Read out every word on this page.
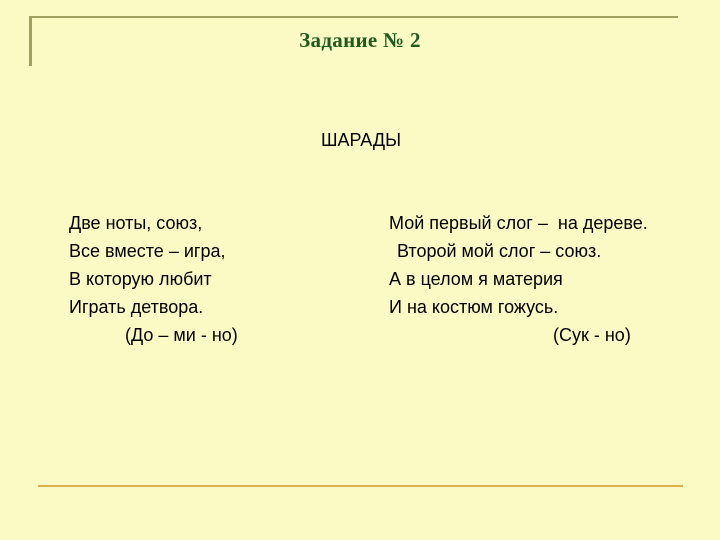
Задание № 2
ШАРАДЫ
Две ноты, союз,
Все вместе – игра,
В которую любит
Играть детвора.
(До – ми - но)
Мой первый слог –  на дереве.
Второй мой слог – союз.
А в целом я материя
И на костюм гожусь.
(Сук - но)
